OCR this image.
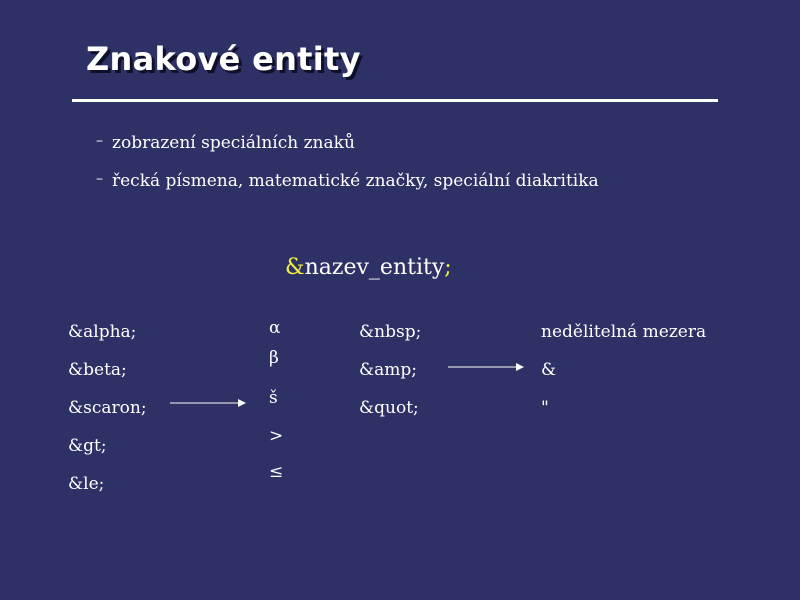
Znakové entity
– zobrazení speciálních znaků
– řecká písmena, matematické značky, speciální diakritika
&nazev_entity;
&alpha;
&beta;
&scaron;
&gt;
&le;
α
β
š
>
≤
&nbsp;
&amp;
&quot;
nedělitelná mezera
&
"
